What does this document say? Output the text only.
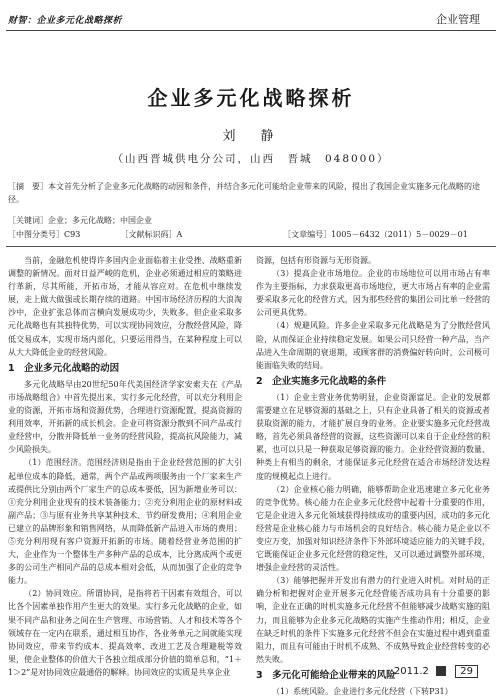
财智：企业多元化战略探析	企业管理
企业多元化战略探析
刘　静
（山西晋城供电分公司，山西　晋城　048000）
［摘　要］本文首先分析了企业多元化战略的动因和条件，并结合多元化可能给企业带来的风险，提出了我国企业实施多元化战略的途径。
［关键词］企业；多元化战略；中国企业
［中图分类号］C93	［文献标识码］A	［文章编号］1005－6432（2011）5－0029－01

当前，金融危机使得许多国内企业面临着主业受挫、战略重新调整的新情况。面对日益严峻的危机，企业必须通过相应的策略进行革新，尽其所能，开拓市场，才能从容应对。在危机中继续发展，走上做大做强或长期存续的道路。中国市场经济历程的大浪淘沙中，企业扩张总体而言横向发展成功少，失败多。但企业采取多元化战略也有其独特优势，可以实现协同效应，分散经营风险，降低交易成本，实现市场内部化，只要运用得当，在某种程度上可以从大大降低企业的经营风险。

1　企业多元化战略的动因

多元化战略早由20世纪50年代美国经济学家安索夫在《产品市场战略组合》中首先提出来，实行多元化经营，可以充分利用企业的资源，开拓市场和资源优势，合理进行资源配置，提高资源的利用效率，开拓新的成长机会。企业可将资源分散到不同产品或行业经营中，分散并降低单一业务的经营风险，提高抗风险能力，减少风险损失。

（1）范围经济。范围经济则是指由于企业经营范围的扩大引起单位成本的降低，通常，两个产品或两项服务由一个厂家来生产或提供比分别由两个厂家生产的总成本要低，因为新增业务可以：①充分利用企业现有的技术装备能力；②充分利用企业的原材料或副产品；③与原有业务共享某种技术、节约研发费用；④利用企业已建立的品牌形象和销售网络，从而降低新产品进入市场的费用；⑤充分利用现有客户资源开拓新的市场。随着经营业务范围的扩大，企业作为一个整体生产多种产品的总成本，比分离成两个或更多的公司生产相同产品的总成本相对会低，从而加强了企业的竞争能力。

（2）协同效应。所谓协同，是指将若干因素有效组合，可以比各个因素单独作用产生更大的效果。实行多元化战略的企业，如果不同产品和业务之间在生产管理、市场营销、人才和技术等各个领域存在一定内在联系，通过相互协作，各业务单元之间就能实现协同效应，带来节约成本、提高效率、改进工艺及合理避税等效果，使企业整体的价值大于各独立组成部分价值的简单总和，“1＋1＞2”是对协同效应最通俗的解释。协同效应的实质是共享企业

资源，包括有形资源与无形资源。

（3）提高企业市场地位。企业的市场地位可以用市场占有率作为主要指标，力求获取更高市场地位，更大市场占有率的企业需要采取多元化的经营方式，因为那些经营的集团公司比单一经营的公司更具优势。

（4）规避风险。许多企业采取多元化战略是为了分散经营风险，从而保证企业持续稳定发展。如果公司只经营一种产品，当产品进入生命周期的衰退期，或顾客群的消费偏好转向时，公司极可能面临失败的结局。

2　企业实施多元化战略的条件

（1）企业主营业务优势明显，企业资源富足。企业的发展都需要建立在足够资源的基础之上，只有企业具备了相关的资源或者获取资源的能力，才能扩展自身的业务。企业要实施多元化经营战略，首先必须具备经营的资源，这些资源可以来自于企业经营的积累，也可以只是一种获取足够资源的能力。企业经营资源的数量、种类上有相当的剩余，才能保证多元化经营在适合市场经济发达程度的规模起点上进行。

（2）企业核心能力明确，能够帮助企业迅速建立多元化业务的竞争优势。核心能力在企业多元化经营中起着十分重要的作用，它是企业进入多元化领域获得持续成功的重要内因，成功的多元化经营是企业核心能力与市场机会的良好结合。核心能力是企业以不变应万变，加强对知识经济条件下外部环境适应能力的关键手段，它既能保证企业多元化经营的稳定性，又可以通过调整外部环境，增强企业经营的灵活性。

（3）能够把握并开发出有潜力的行业进入时机。对时局的正确分析和把握对企业开展多元化经营能否成功具有十分重要的影响，企业在正确的时机实施多元化经营不但能够减少战略实施的阻力，而且能够为企业多元化战略的实施产生推动作用；相反，企业在缺乏时机的条件下实施多元化经营不但会在实施过程中遇到重重阻力，而且有可能由于时机不成熟、不成熟导致企业经营转变的必然失败。

3　多元化可能给企业带来的风险

（1）系统风险。企业进行多元化经营（下转P31）

2011.2	29
